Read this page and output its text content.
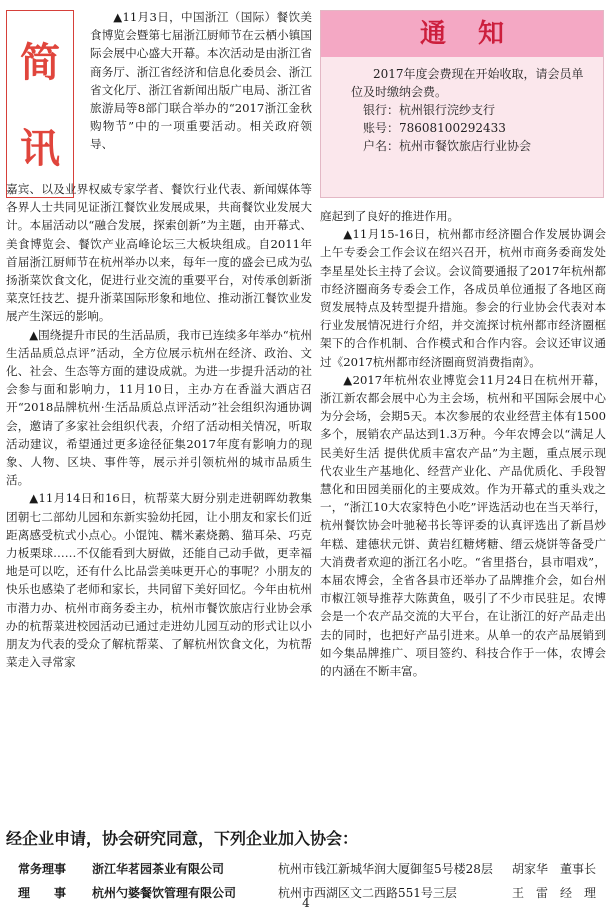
简
讯
通知

2017年度会费现在开始收取，请会员单位及时缴纳会费。

银行：杭州银行浣纱支行

账号：78608100292433

户名：杭州市餐饮旅店行业协会

▲11月3日，中国浙江（国际）餐饮美食博览会暨第七届浙江厨师节在云栖小镇国际会展中心盛大开幕。本次活动是由浙江省商务厅、浙江省经济和信息化委员会、浙江省文化厅、浙江省新闻出版广电局、浙江省旅游局等8部门联合举办的“2017浙江金秋购物节”中的一项重要活动。相关政府领导、

嘉宾、以及业界权威专家学者、餐饮行业代表、新闻媒体等各界人士共同见证浙江餐饮业发展成果，共商餐饮业发展大计。本届活动以“融合发展，探索创新”为主题，由开幕式、美食博览会、餐饮产业高峰论坛三大板块组成。自2011年首届浙江厨师节在杭州举办以来，每年一度的盛会已成为弘扬浙菜饮食文化，促进行业交流的重要平台，对传承创新浙菜烹饪技艺、提升浙菜国际形象和地位、推动浙江餐饮业发展产生深远的影响。

▲围绕提升市民的生活品质，我市已连续多年举办“杭州生活品质总点评”活动，全方位展示杭州在经济、政治、文化、社会、生态等方面的建设成就。为进一步提升活动的社会参与面和影响力，11月10日，主办方在香溢大酒店召开“2018品牌杭州·生活品质总点评活动”社会组织沟通协调会，邀请了多家社会组织代表，介绍了活动相关情况，听取活动建议，希望通过更多途径征集2017年度有影响力的现象、人物、区块、事件等，展示并引领杭州的城市品质生活。

▲11月14日和16日，杭帮菜大厨分别走进朝晖幼教集团朝七二部幼儿园和东新实验幼托园，让小朋友和家长们近距离感受杭式小点心。小馄饨、糯米素烧鹅、猫耳朵、巧克力板栗球……不仅能看到大厨做，还能自己动手做，更幸福地是可以吃，还有什么比品尝美味更开心的事呢？小朋友的快乐也感染了老师和家长，共同留下美好回忆。今年由杭州市潜力办、杭州市商务委主办，杭州市餐饮旅店行业协会承办的杭帮菜进校园活动已通过走进幼儿园互动的形式让以小朋友为代表的受众了解杭帮菜、了解杭州饮食文化，为杭帮菜走入寻常家

庭起到了良好的推进作用。

▲11月15-16日，杭州都市经济圈合作发展协调会上午专委会工作会议在绍兴召开，杭州市商务委商发处李星星处长主持了会议。会议简要通报了2017年杭州都市经济圈商务专委会工作，各成员单位通报了各地区商贸发展特点及转型提升措施。参会的行业协会代表对本行业发展情况进行介绍，并交流探讨杭州都市经济圈框架下的合作机制、合作模式和合作内容。会议还审议通过《2017杭州都市经济圈商贸消费指南》。

▲2017年杭州农业博览会11月24日在杭州开幕，浙江新农都会展中心为主会场，杭州和平国际会展中心为分会场，会期5天。本次参展的农业经营主体有1500多个，展销农产品达到1.3万种。今年农博会以“满足人民美好生活 提供优质丰富农产品”为主题，重点展示现代农业生产基地化、经营产业化、产品优质化、手段智慧化和田园美丽化的主要成效。作为开幕式的重头戏之一，“浙江10大农家特色小吃”评选活动也在当天举行，杭州餐饮协会叶驰秘书长等评委的认真评选出了新昌炒年糕、建德状元饼、黄岩红糖烤糖、缙云烧饼等备受广大消费者欢迎的浙江名小吃。“省里搭台，县市唱戏”，本届农博会，全省各县市还举办了品牌推介会，如台州市椒江领导推荐大陈黄鱼，吸引了不少市民驻足。农博会是一个农产品交流的大平台，在让浙江的好产品走出去的同时，也把好产品引进来。从单一的农产品展销到如今集品牌推广、项目签约、科技合作于一体，农博会的内涵在不断丰富。

经企业申请，协会研究同意，下列企业加入协会：
常务理事	浙江华茗园茶业有限公司	杭州市钱江新城华润大厦御玺5号楼28层	胡家华　董事长
理　　事	杭州勺婆餐饮管理有限公司	杭州市西湖区文二西路551号三层	王　雷　经　理
4
